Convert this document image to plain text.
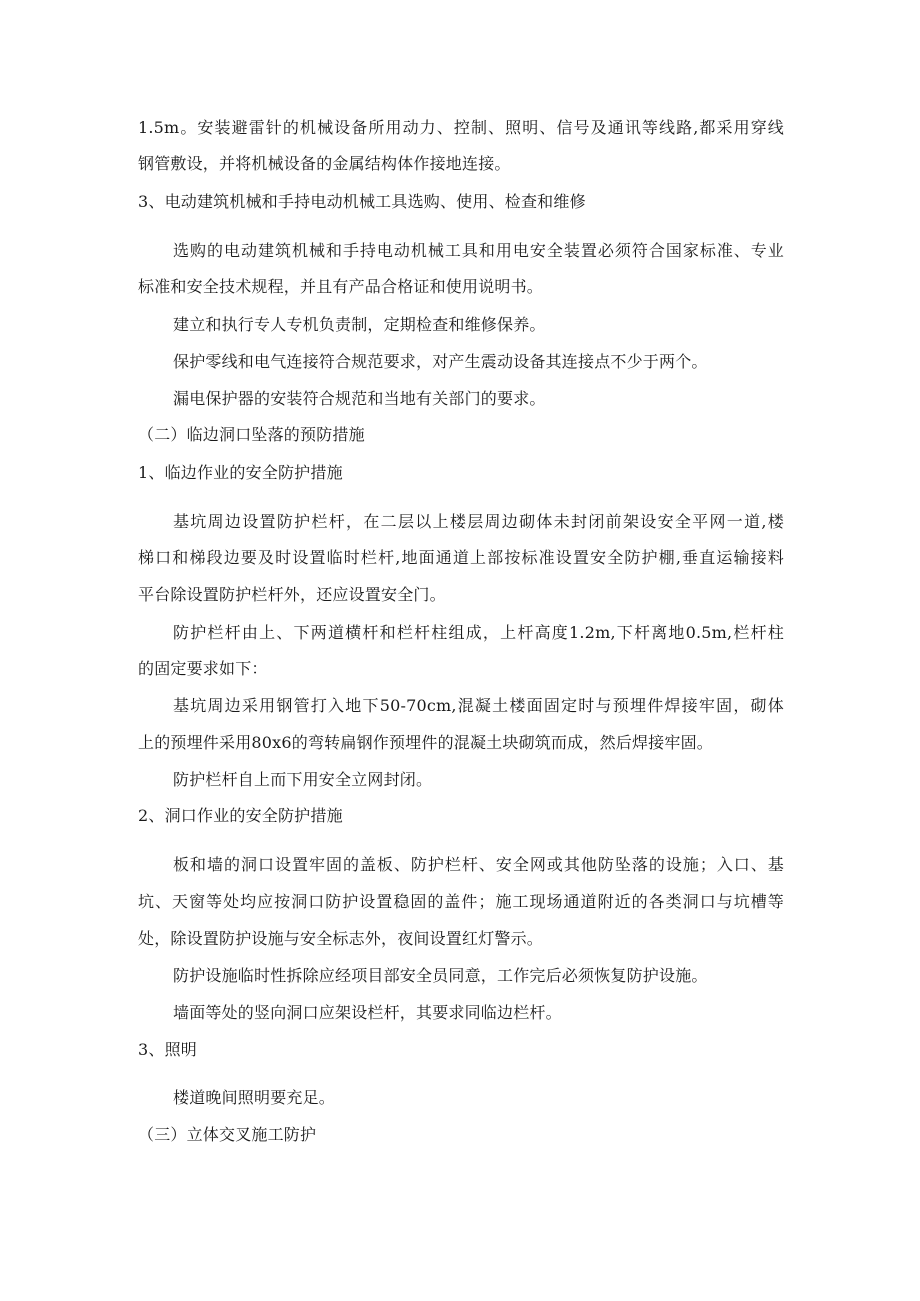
1.5m。安装避雷针的机械设备所用动力、控制、照明、信号及通讯等线路,都采用穿线
钢管敷设，并将机械设备的金属结构体作接地连接。
3、电动建筑机械和手持电动机械工具选购、使用、检查和维修
选购的电动建筑机械和手持电动机械工具和用电安全装置必须符合国家标准、专业
标准和安全技术规程，并且有产品合格证和使用说明书。
建立和执行专人专机负责制，定期检查和维修保养。
保护零线和电气连接符合规范要求，对产生震动设备其连接点不少于两个。
漏电保护器的安装符合规范和当地有关部门的要求。
（二）临边洞口坠落的预防措施
1、临边作业的安全防护措施
基坑周边设置防护栏杆，在二层以上楼层周边砌体未封闭前架设安全平网一道,楼
梯口和梯段边要及时设置临时栏杆,地面通道上部按标准设置安全防护棚,垂直运输接料
平台除设置防护栏杆外，还应设置安全门。
防护栏杆由上、下两道横杆和栏杆柱组成，上杆高度1.2m,下杆离地0.5m,栏杆柱
的固定要求如下：
基坑周边采用钢管打入地下50-70cm,混凝土楼面固定时与预埋件焊接牢固，砌体
上的预埋件采用80x6的弯转扁钢作预埋件的混凝土块砌筑而成，然后焊接牢固。
防护栏杆自上而下用安全立网封闭。
2、洞口作业的安全防护措施
板和墙的洞口设置牢固的盖板、防护栏杆、安全网或其他防坠落的设施；入口、基
坑、天窗等处均应按洞口防护设置稳固的盖件；施工现场通道附近的各类洞口与坑槽等
处，除设置防护设施与安全标志外，夜间设置红灯警示。
防护设施临时性拆除应经项目部安全员同意，工作完后必须恢复防护设施。
墙面等处的竖向洞口应架设栏杆，其要求同临边栏杆。
3、照明
楼道晚间照明要充足。
（三）立体交叉施工防护
